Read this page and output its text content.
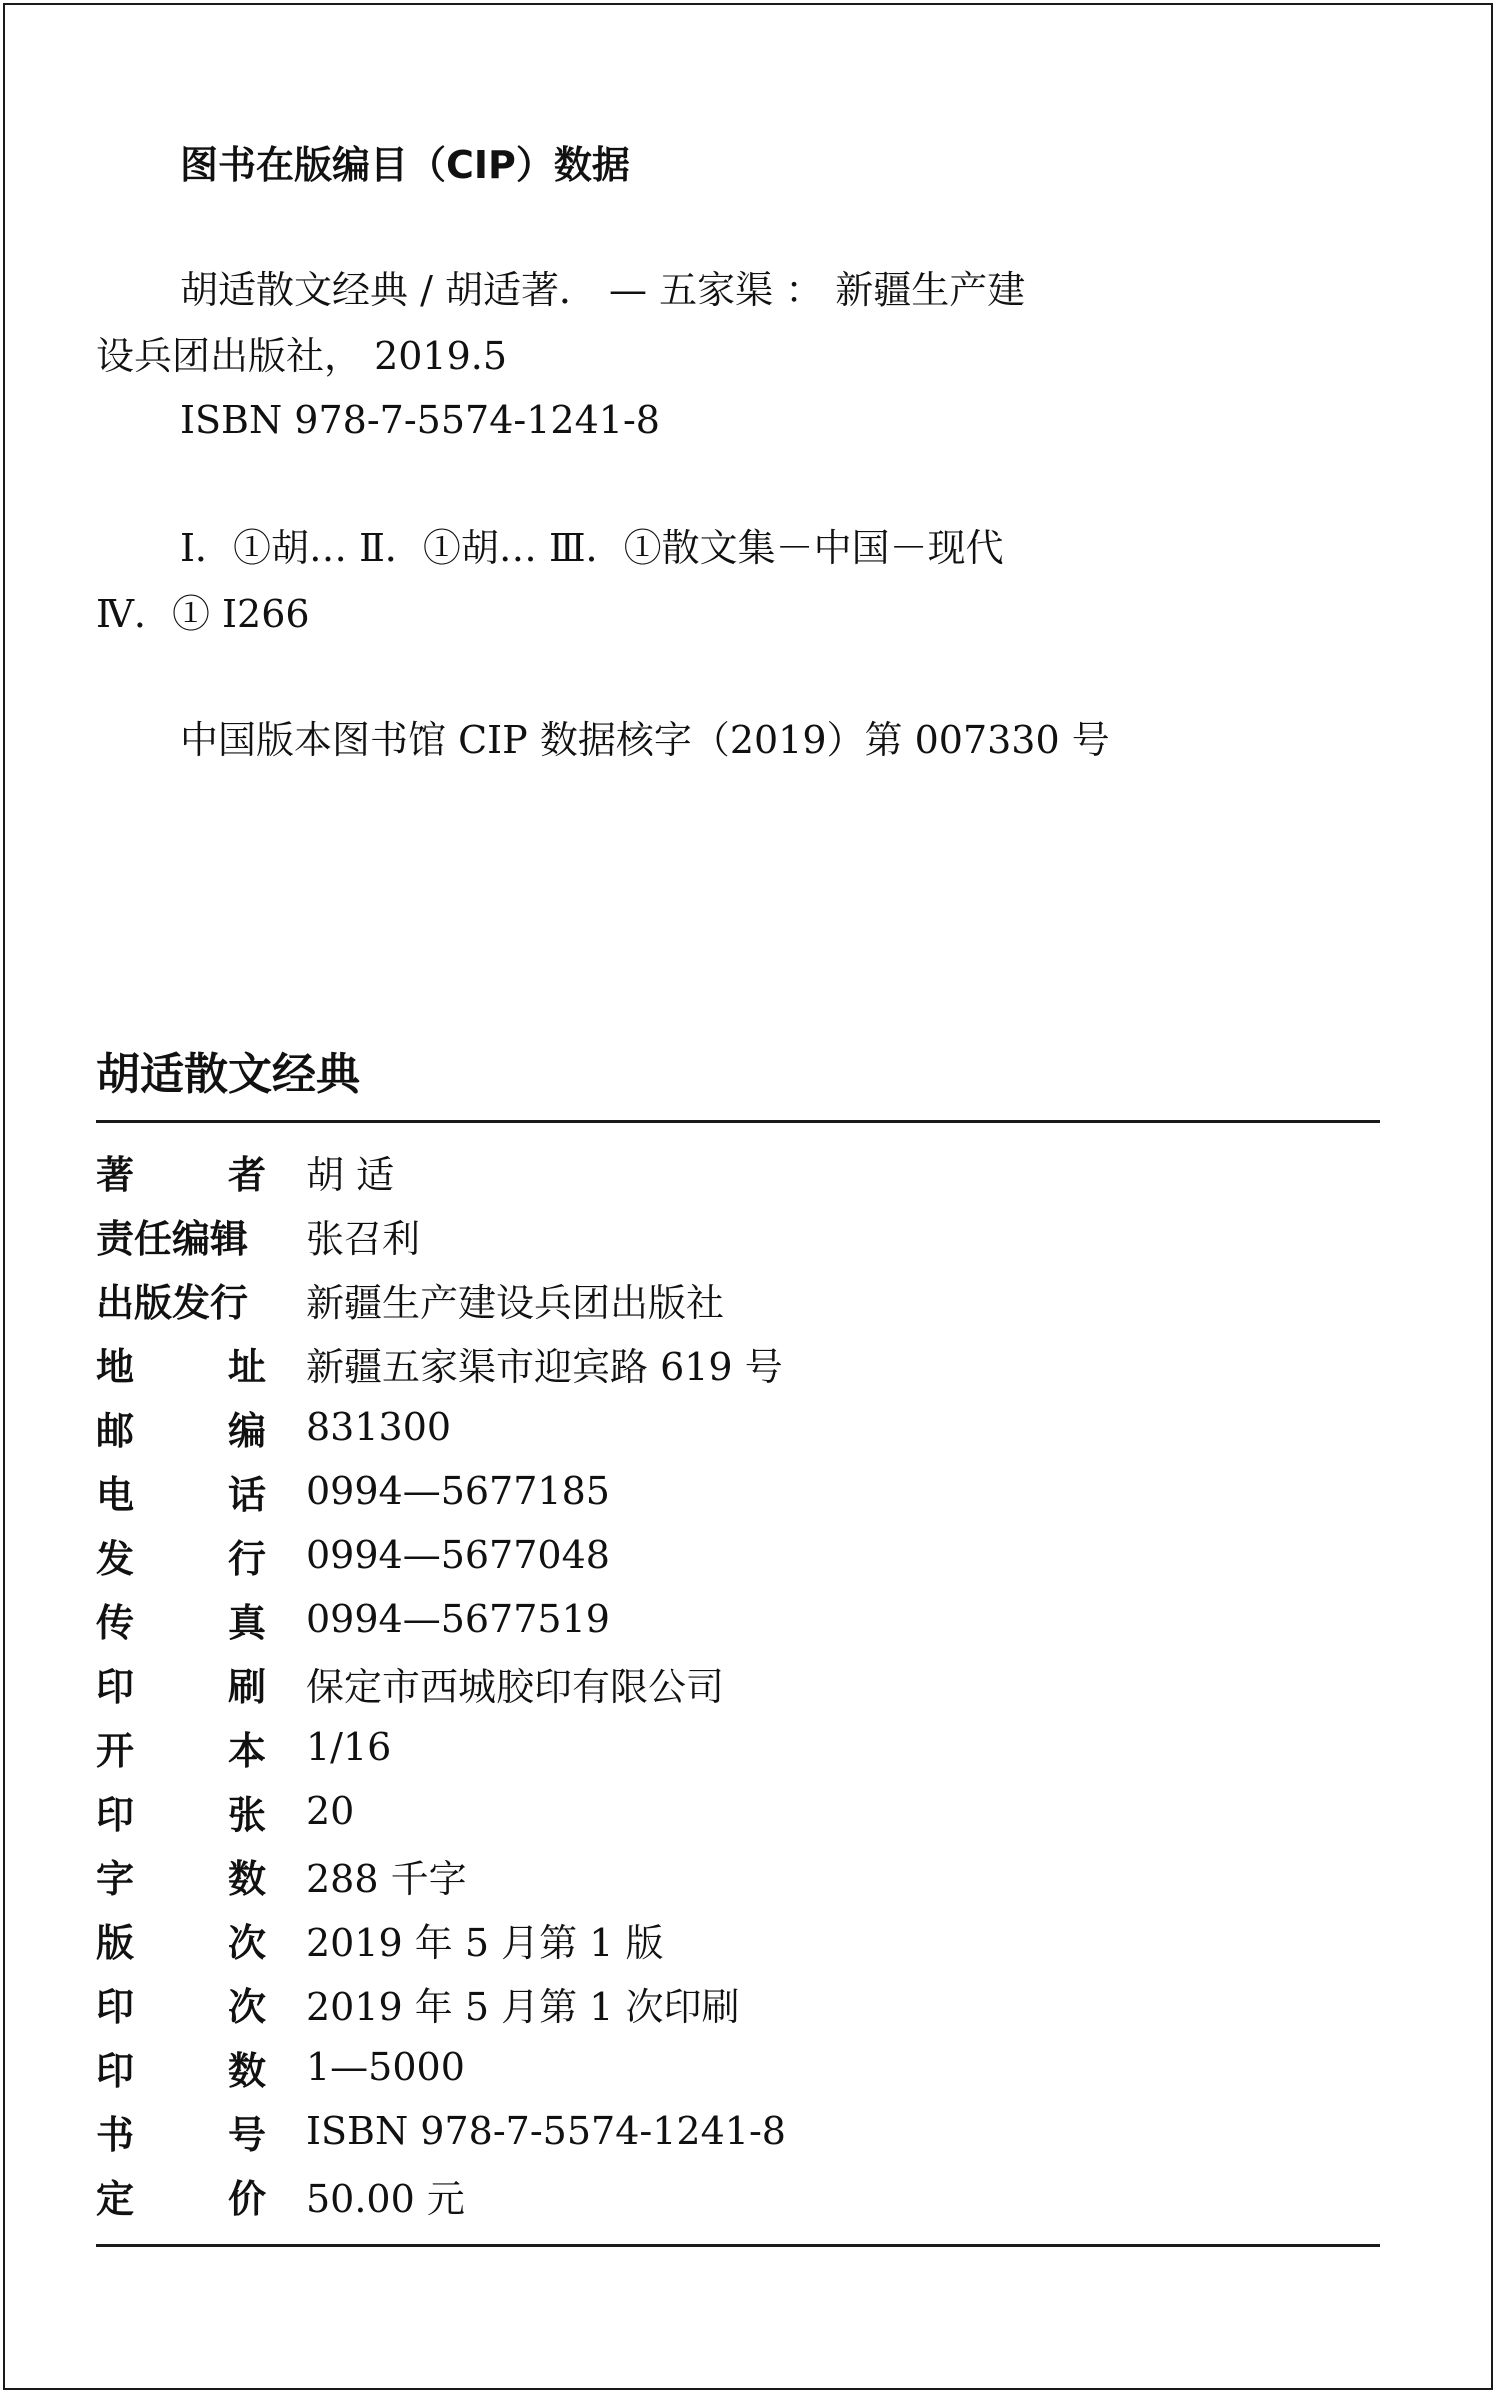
图书在版编目（CIP）数据
胡适散文经典 / 胡适著． — 五家渠 ： 新疆生产建
设兵团出版社， 2019.5
ISBN 978-7-5574-1241-8
Ⅰ．①胡… Ⅱ．①胡… Ⅲ．①散文集－中国－现代
Ⅳ．① I266
中国版本图书馆 CIP 数据核字（2019）第 007330 号
胡适散文经典
著 者 胡 适
责任编辑 张召利
出版发行 新疆生产建设兵团出版社
地 址 新疆五家渠市迎宾路 619 号
邮 编 831300
电 话 0994—5677185
发 行 0994—5677048
传 真 0994—5677519
印 刷 保定市西城胶印有限公司
开 本 1/16
印 张 20
字 数 288 千字
版 次 2019 年 5 月第 1 版
印 次 2019 年 5 月第 1 次印刷
印 数 1—5000
书 号 ISBN 978-7-5574-1241-8
定 价 50.00 元
